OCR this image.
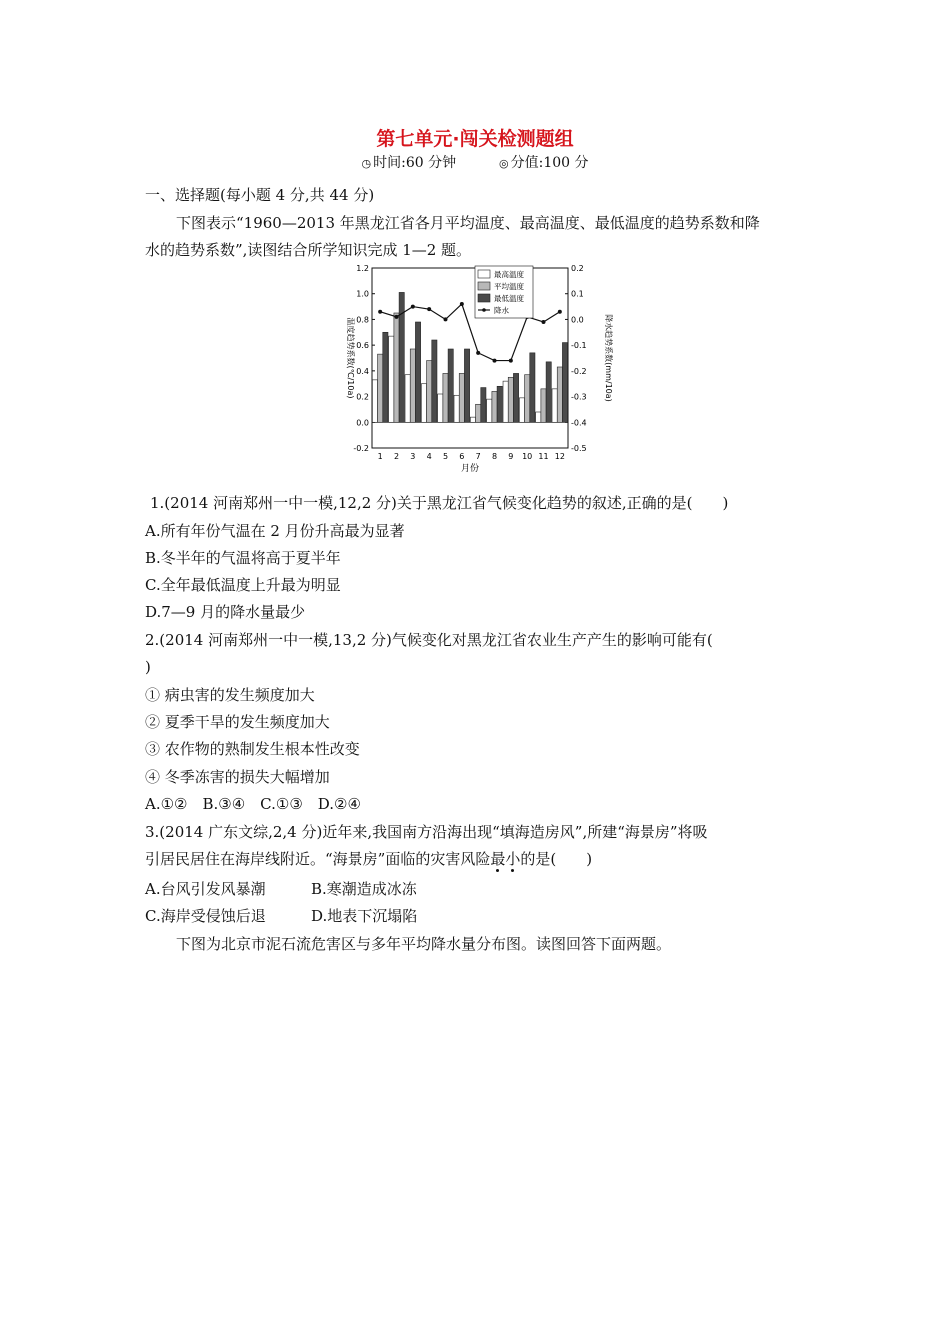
第七单元·闯关检测题组
◷ 时间:60 分钟	◎ 分值:100 分
一、选择题(每小题 4 分,共 44 分)
下图表示“1960—2013 年黑龙江省各月平均温度、最高温度、最低温度的趋势系数和降
水的趋势系数”,读图结合所学知识完成 1—2 题。
-0.2
0.0
0.2
0.4
0.6
0.8
1.0
1.2
-0.5
-0.4
-0.3
-0.2
-0.1
0.0
0.1
0.2
1 2 3 4 5 6 7 8 9 10 11 12
月份
温度趋势系数(℃/10a)	降水趋势系数(mm/10a)
最高温度
平均温度
最低温度
降水
1.(2014 河南郑州一中一模,12,2 分)关于黑龙江省气候变化趋势的叙述,正确的是(　　)
A.所有年份气温在 2 月份升高最为显著
B.冬半年的气温将高于夏半年
C.全年最低温度上升最为明显
D.7—9 月的降水量最少
2.(2014 河南郑州一中一模,13,2 分)气候变化对黑龙江省农业生产产生的影响可能有(
)
① 病虫害的发生频度加大
② 夏季干旱的发生频度加大
③ 农作物的熟制发生根本性改变
④ 冬季冻害的损失大幅增加
A.①②　B.③④　C.①③　D.②④
3.(2014 广东文综,2,4 分)近年来,我国南方沿海出现“填海造房风”,所建“海景房”将吸
引居民居住在海岸线附近。“海景房”面临的灾害风险最小的是(　　)
A.台风引发风暴潮	B.寒潮造成冰冻
C.海岸受侵蚀后退	D.地表下沉塌陷
下图为北京市泥石流危害区与多年平均降水量分布图。读图回答下面两题。
